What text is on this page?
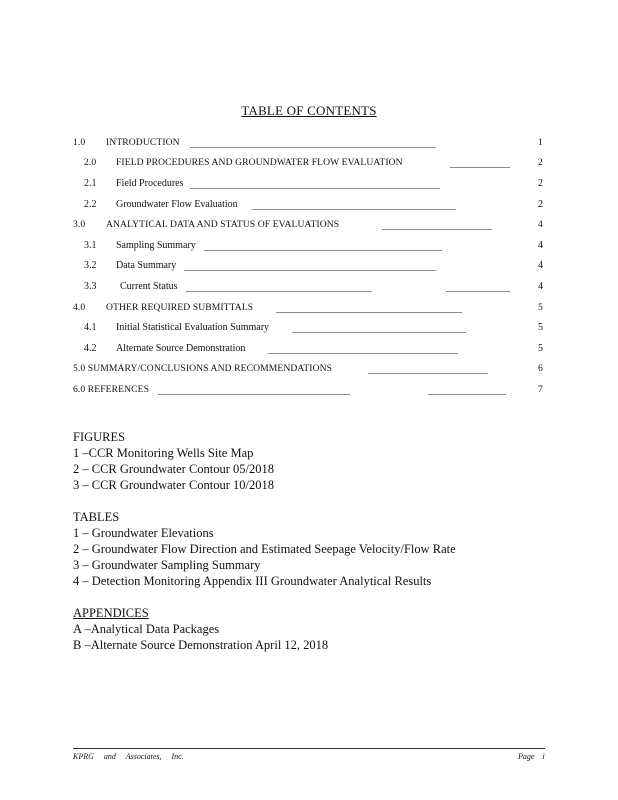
TABLE OF CONTENTS
1.0 INTRODUCTION	1
2.0 FIELD PROCEDURES AND GROUNDWATER FLOW EVALUATION	2
2.1 Field Procedures	2
2.2 Groundwater Flow Evaluation	2
3.0 ANALYTICAL DATA AND STATUS OF EVALUATIONS	4
3.1 Sampling Summary	4
3.2 Data Summary	4
3.3 Current Status	4
4.0 OTHER REQUIRED SUBMITTALS	5
4.1 Initial Statistical Evaluation Summary	5
4.2 Alternate Source Demonstration	5
5.0 SUMMARY/CONCLUSIONS AND RECOMMENDATIONS	6
6.0 REFERENCES	7
FIGURES
1 –CCR Monitoring Wells Site Map
2 – CCR Groundwater Contour 05/2018
3 – CCR Groundwater Contour 10/2018
TABLES
1 – Groundwater Elevations
2 – Groundwater Flow Direction and Estimated Seepage Velocity/Flow Rate
3 – Groundwater Sampling Summary
4 – Detection Monitoring Appendix III Groundwater Analytical Results
APPENDICES
A –Analytical Data Packages
B –Alternate Source Demonstration April 12, 2018
KPRG and Associates, Inc.	Page i
